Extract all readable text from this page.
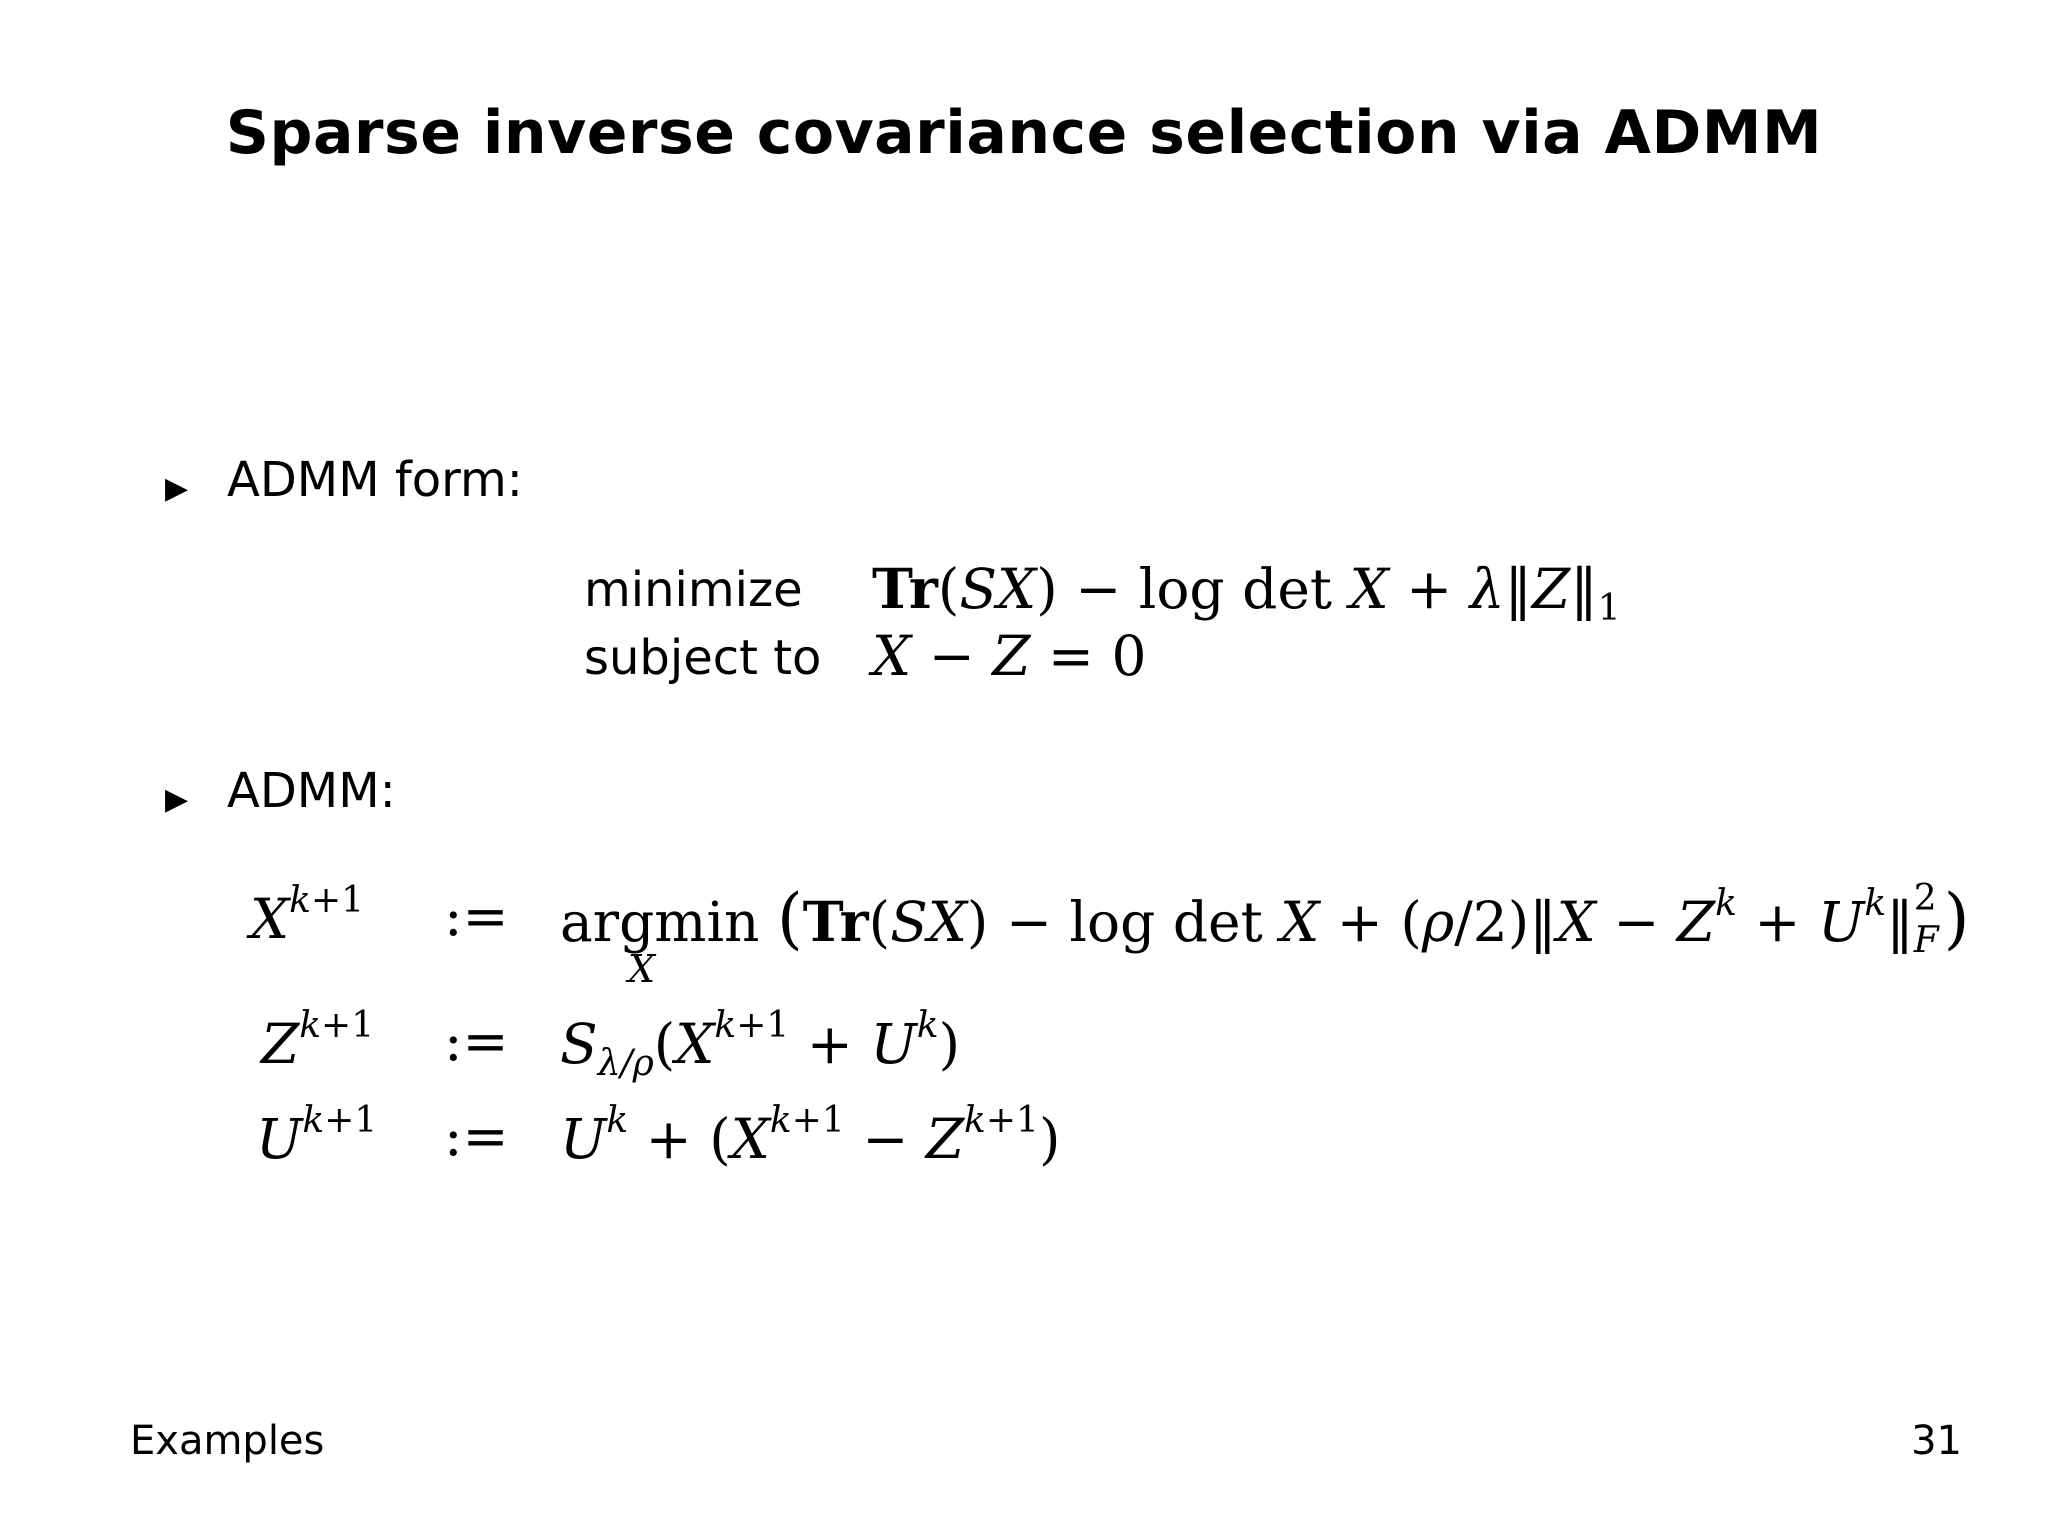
Sparse inverse covariance selection via ADMM
▶ ADMM form:
minimize
subject to
$Tr(SX) - \log \det X + \lambda‖Z‖_1$
X − Z = 0
▶ ADMM:
$X^{k+1}$
$Z^{k+1}$
$U^{k+1}$
:=
:=
:=
argmin (Tr(SX) − log det X + (ρ/2)‖X − $Z^k$ + $U^k‖$ 2
F )
X
$S_{\lambda/\rho}(X^{k+1} + U^k)$
$U^k + (X^{k+1} - Z^{k+1})$
Examples	31
